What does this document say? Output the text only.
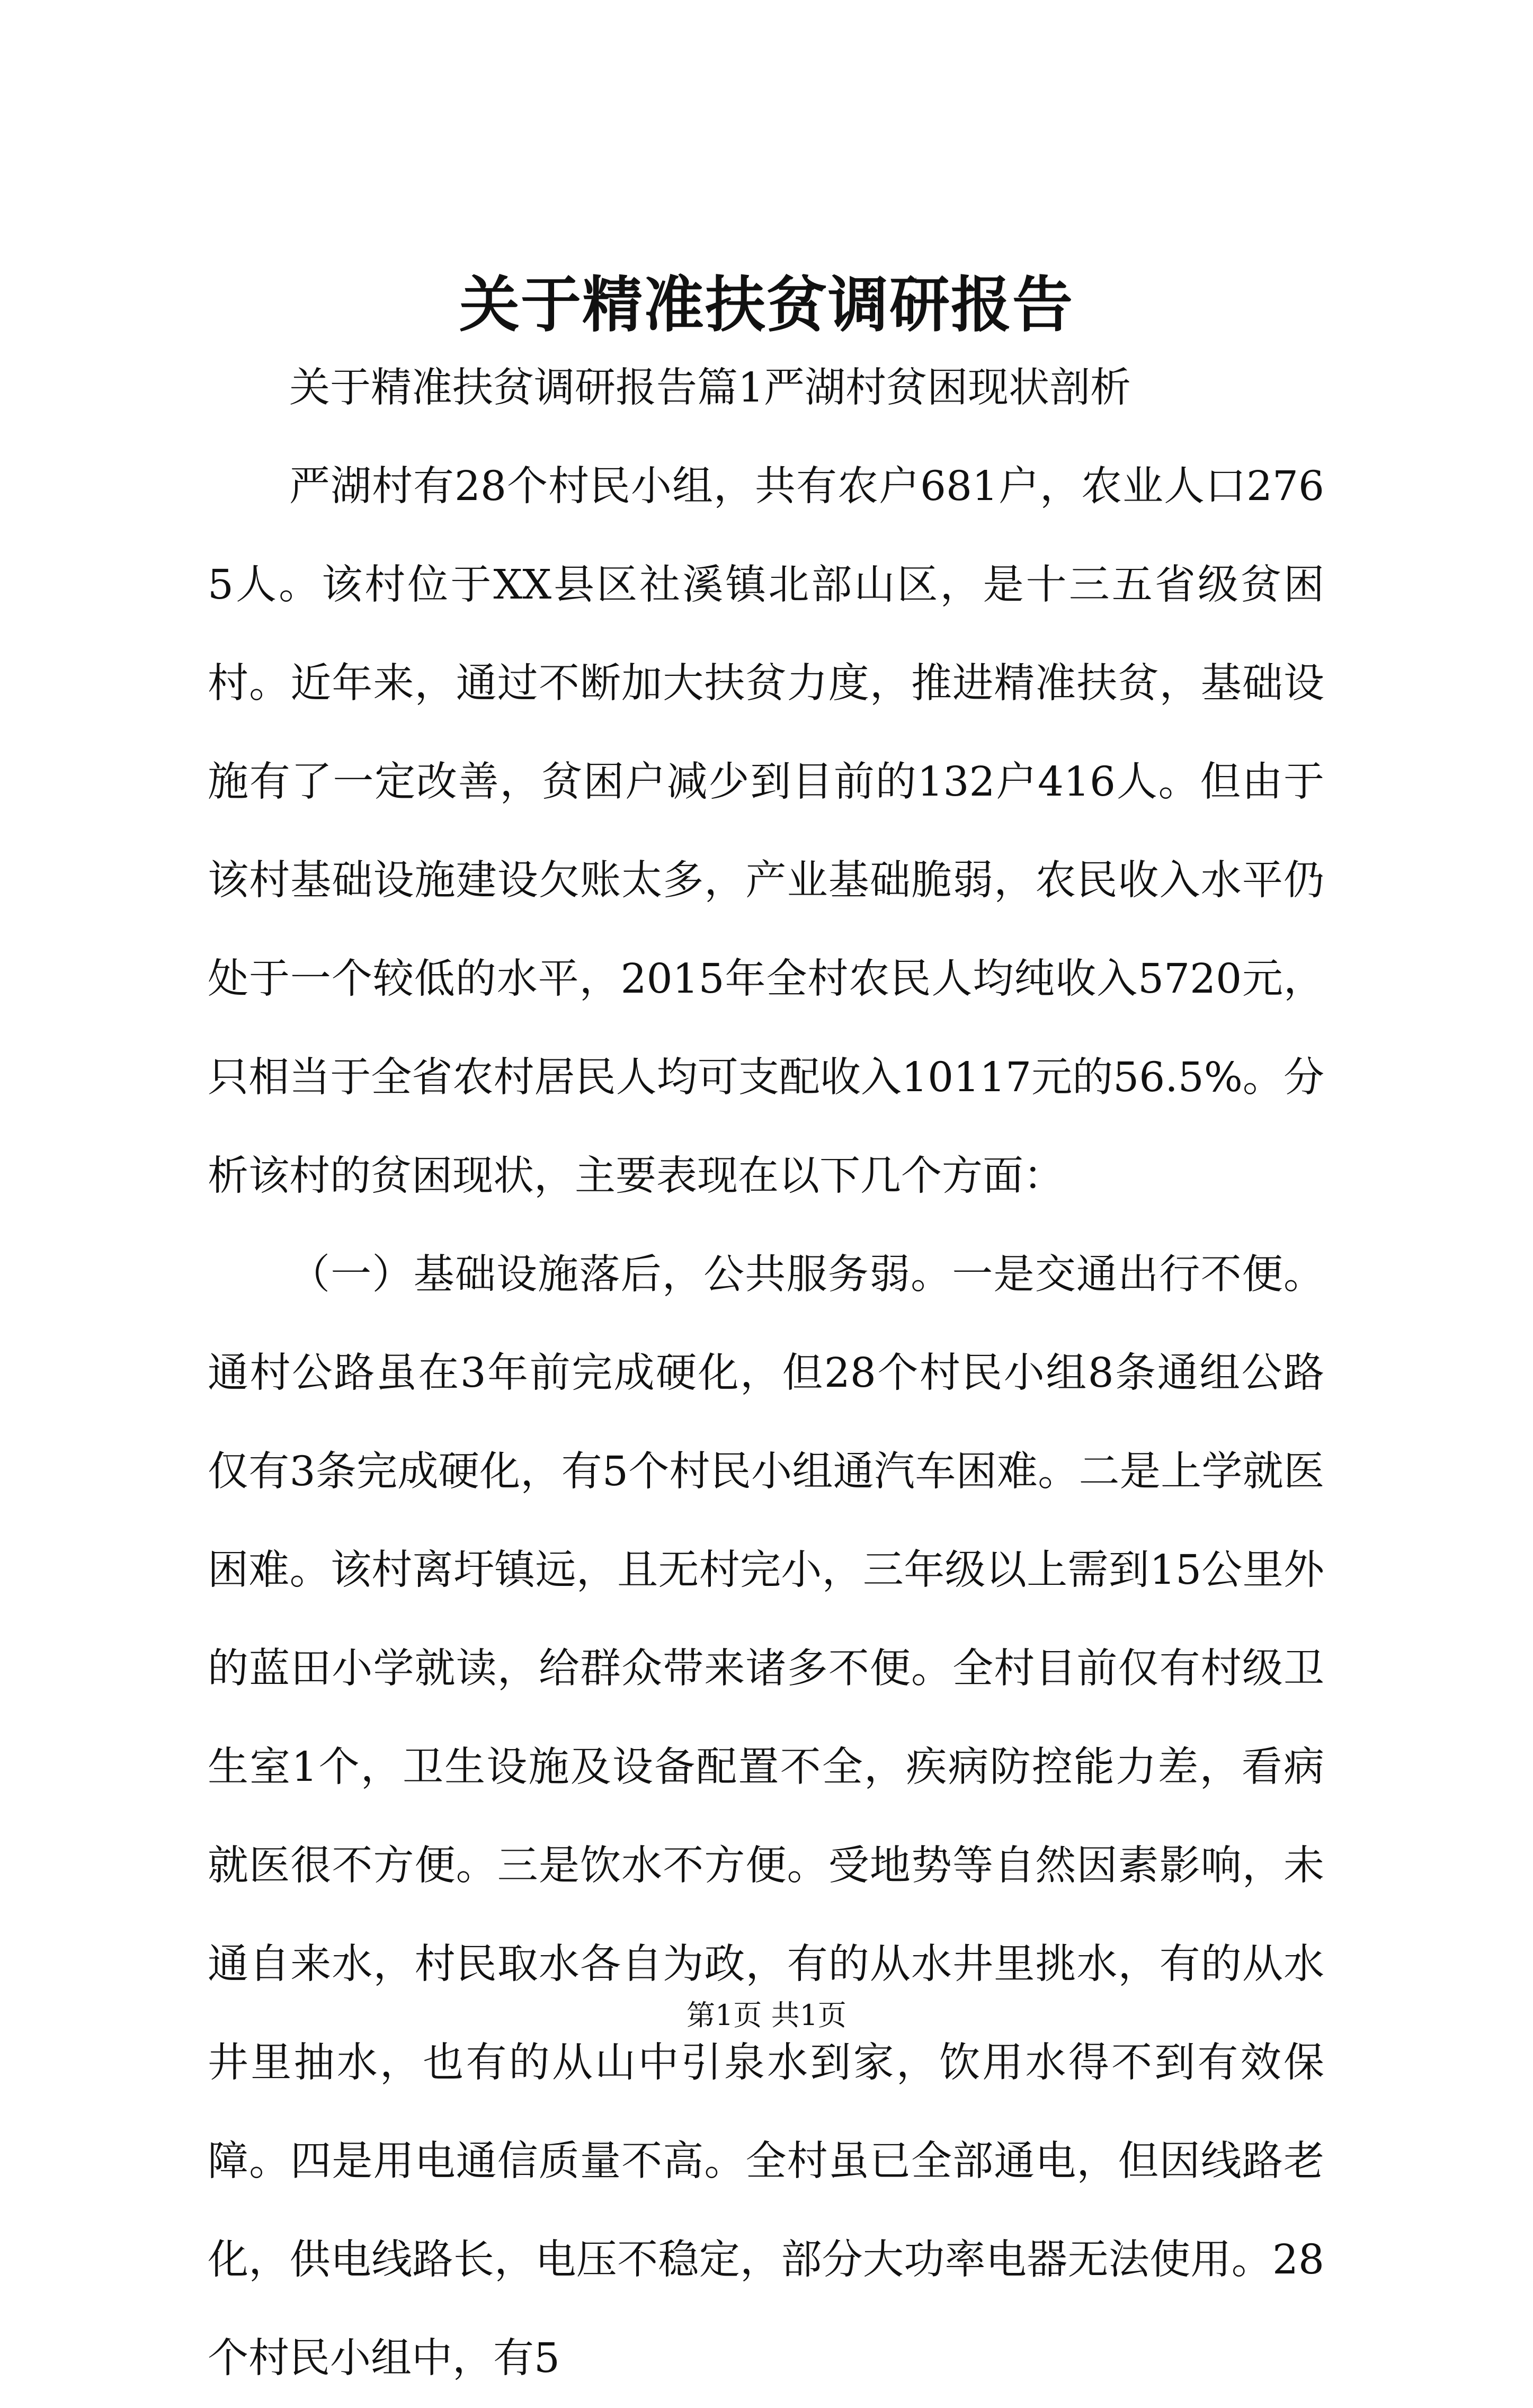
关于精准扶贫调研报告

关于精准扶贫调研报告篇1严湖村贫困现状剖析

严湖村有28个村民小组，共有农户681户，农业人口2765人。该村位于XX县区社溪镇北部山区，是十三五省级贫困村。近年来，通过不断加大扶贫力度，推进精准扶贫，基础设施有了一定改善，贫困户减少到目前的132户416人。但由于该村基础设施建设欠账太多，产业基础脆弱，农民收入水平仍处于一个较低的水平，2015年全村农民人均纯收入5720元，只相当于全省农村居民人均可支配收入10117元的56.5%。分析该村的贫困现状，主要表现在以下几个方面：

（一）基础设施落后，公共服务弱。一是交通出行不便。通村公路虽在3年前完成硬化，但28个村民小组8条通组公路仅有3条完成硬化，有5个村民小组通汽车困难。二是上学就医困难。该村离圩镇远，且无村完小，三年级以上需到15公里外的蓝田小学就读，给群众带来诸多不便。全村目前仅有村级卫生室1个，卫生设施及设备配置不全，疾病防控能力差，看病就医很不方便。三是饮水不方便。受地势等自然因素影响，未通自来水，村民取水各自为政，有的从水井里挑水，有的从水井里抽水，也有的从山中引泉水到家，饮用水得不到有效保障。四是用电通信质量不高。全村虽已全部通电，但因线路老化，供电线路长，电压不稳定，部分大功率电器无法使用。28个村民小组中，有5

第1页 共1页
